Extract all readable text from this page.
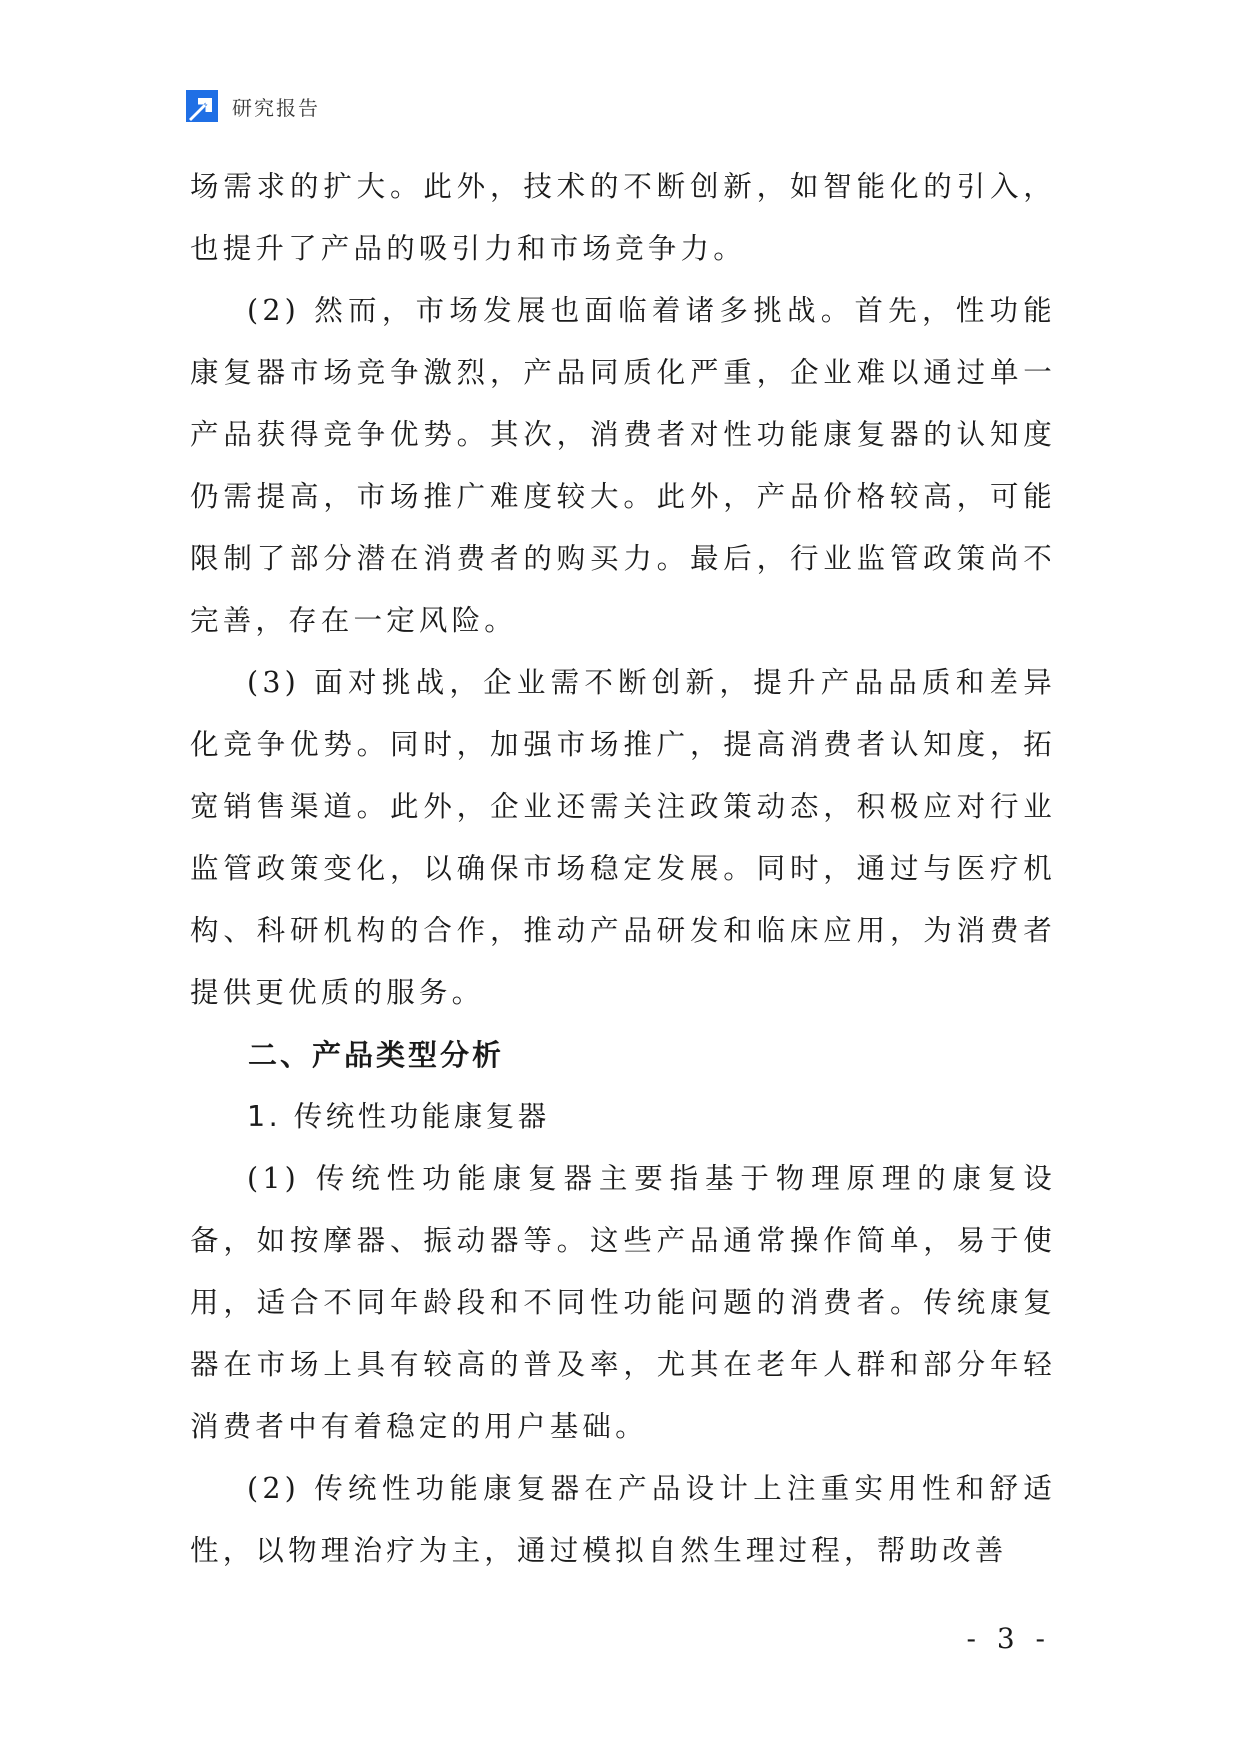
研究报告

场需求的扩大。此外，技术的不断创新，如智能化的引入，也提升了产品的吸引力和市场竞争力。

(2) 然而，市场发展也面临着诸多挑战。首先，性功能康复器市场竞争激烈，产品同质化严重，企业难以通过单一产品获得竞争优势。其次，消费者对性功能康复器的认知度仍需提高，市场推广难度较大。此外，产品价格较高，可能限制了部分潜在消费者的购买力。最后，行业监管政策尚不完善，存在一定风险。

(3) 面对挑战，企业需不断创新，提升产品品质和差异化竞争优势。同时，加强市场推广，提高消费者认知度，拓宽销售渠道。此外，企业还需关注政策动态，积极应对行业监管政策变化，以确保市场稳定发展。同时，通过与医疗机构、科研机构的合作，推动产品研发和临床应用，为消费者提供更优质的服务。

二、产品类型分析

1. 传统性功能康复器

(1) 传统性功能康复器主要指基于物理原理的康复设备，如按摩器、振动器等。这些产品通常操作简单，易于使用，适合不同年龄段和不同性功能问题的消费者。传统康复器在市场上具有较高的普及率，尤其在老年人群和部分年轻消费者中有着稳定的用户基础。

(2) 传统性功能康复器在产品设计上注重实用性和舒适性，以物理治疗为主，通过模拟自然生理过程，帮助改善

- 3 -
